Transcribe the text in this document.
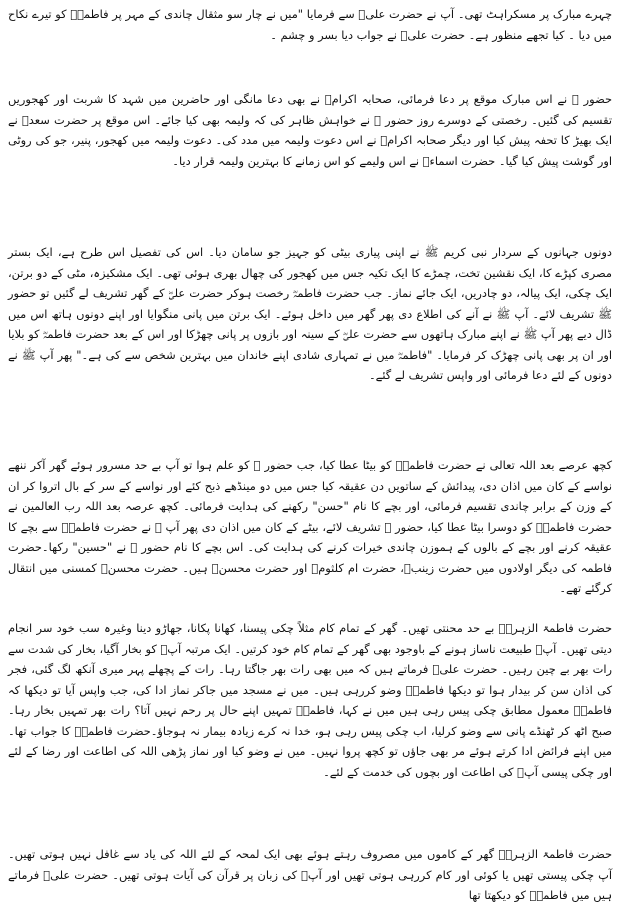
چہرے مبارک پر مسکراہٹ تھی۔ آپ نے حضرت علیؓ سے فرمایا "میں نے چار سو مثقال چاندی کے مہر پر فاطمہؓ کو تیرے نکاح میں دیا ۔ کیا تجھے منظور ہے۔ حضرت علیؓ نے جواب دیا بسر و چشم ۔

حضور ﷺ نے اس مبارک موقع پر دعا فرمائی، صحابہ اکرامؓ نے بھی دعا مانگی اور حاضرین میں شہد کا شربت اور کھجوریں تقسیم کی گئیں۔ رخصتی کے دوسرے روز حضور ﷺ نے خواہش ظاہر کی کہ ولیمہ بھی کیا جائے۔ اس موقع پر حضرت سعدؓ نے ایک بھیڑ کا تحفہ پیش کیا اور دیگر صحابہ اکرامؓ نے اس دعوت ولیمہ میں مدد کی۔ دعوت ولیمہ میں کھجور، پنیر، جو کی روٹی اور گوشت پیش کیا گیا۔ حضرت اسماءؓ نے اس ولیمے کو اس زمانے کا بہترین ولیمہ قرار دیا۔

دونوں جہانوں کے سردار نبی کریم ﷺ نے اپنی پیاری بیٹی کو جہیز جو سامان دیا۔ اس کی تفصیل اس طرح ہے، ایک بستر مصری کپڑے کا، ایک نقشین تخت، چمڑے کا ایک تکیہ جس میں کھجور کی چھال بھری ہوئی تھی۔ ایک مشکیزہ، مٹی کے دو برتن، ایک چکی، ایک پیالہ، دو چادریں، ایک جائے نماز۔ جب حضرت فاطمہؓ رخصت ہوکر حضرت علیؓ کے گھر تشریف لے گئیں تو حضور ﷺ تشریف لائے۔ آپ ﷺ نے آنے کی اطلاع دی پھر گھر میں داخل ہوئے۔ ایک برتن میں پانی منگوایا اور اپنے دونوں ہاتھ اس میں ڈال دیے پھر آپ ﷺ نے اپنے مبارک ہاتھوں سے حضرت علیؓ کے سینہ اور بازوں پر پانی چھڑکا اور اس کے بعد حضرت فاطمہؓ کو بلایا اور ان پر بھی پانی چھڑک کر فرمایا۔ "فاطمہؓ میں نے تمہاری شادی اپنے خاندان میں بہترین شخص سے کی ہے۔" پھر آپ ﷺ نے دونوں کے لئے دعا فرمائی اور واپس تشریف لے گئے۔

کچھ عرصے بعد اللہ تعالی نے حضرت فاطمہؓ کو بیٹا عطا کیا، جب حضور ﷺ کو علم ہوا تو آپ بے حد مسرور ہوئے گھر آکر ننھے نواسے کے کان میں اذان دی، پیدائش کے ساتویں دن عقیقہ کیا جس میں دو مینڈھے ذبح کئے اور نواسے کے سر کے بال اتروا کر ان کے وزن کے برابر چاندی تقسیم فرمائی، اور بچے کا نام "حسن" رکھنے کی ہدایت فرمائی۔ کچھ عرصہ بعد اللہ رب العالمین نے حضرت فاطمہؓ کو دوسرا بیٹا عطا کیا، حضور ﷺ تشریف لائے، بیٹے کے کان میں اذان دی پھر آپ ﷺ نے حضرت فاطمہؓ سے بچے کا عقیقہ کرنے اور بچے کے بالوں کے ہموزن چاندی خیرات کرنے کی ہدایت کی۔ اس بچے کا نام حضور ﷺ نے "حسین" رکھا۔حضرت فاطمہ کی دیگر اولادوں میں حضرت زینبؓ، حضرت ام کلثومؓ اور حضرت محسنؓ ہیں۔ حضرت محسنؓ کمسنی میں انتقال کرگئے تھے۔

حضرت فاطمۃ الزہرہؓ بے حد محنتی تھیں۔ گھر کے تمام کام مثلاً چکی پیسنا، کھانا پکانا، جھاڑو دینا وغیرہ سب خود سر انجام دیتی تھیں۔ آپؓ طبیعت ناساز ہونے کے باوجود بھی گھر کے تمام کام خود کرتیں۔ ایک مرتبہ آپؓ کو بخار آگیا، بخار کی شدت سے رات بھر بے چین رہیں۔ حضرت علیؓ فرماتے ہیں کہ میں بھی رات بھر جاگتا رہا۔ رات کے پچھلے پہر میری آنکھ لگ گئی، فجر کی اذان سن کر بیدار ہوا تو دیکھا فاطمہؓ وضو کررہی ہیں۔ میں نے مسجد میں جاکر نماز ادا کی، جب واپس آیا تو دیکھا کہ فاطمہؓ معمول مطابق چکی پیس رہی ہیں میں نے کہا، فاطمہؓ تمہیں اپنے حال پر رحم نہیں آتا؟ رات بھر تمہیں بخار رہا۔ صبح اٹھ کر ٹھنڈے پانی سے وضو کرلیا، اب چکی پیس رہی ہو، خدا نہ کرے زیادہ بیمار نہ ہوجاؤ۔حضرت فاطمہؓ کا جواب تھا۔ میں اپنے فرائض ادا کرتے ہوئے مر بھی جاؤں تو کچھ پروا نہیں۔ میں نے وضو کیا اور نماز پڑھی اللہ کی اطاعت اور رضا کے لئے اور چکی پیسی آپؓ کی اطاعت اور بچوں کی خدمت کے لئے۔

حضرت فاطمۃ الزہرہؓ گھر کے کاموں میں مصروف رہتے ہوئے بھی ایک لمحہ کے لئے اللہ کی یاد سے غافل نہیں ہوتی تھیں۔ آپ چکی پیستی تھیں یا کوئی اور کام کررہی ہوتی تھیں اور آپؓ کی زبان پر قرآن کی آیات ہوتی تھیں۔ حضرت علیؓ فرماتے ہیں میں فاطمہؓ کو دیکھتا تھا
